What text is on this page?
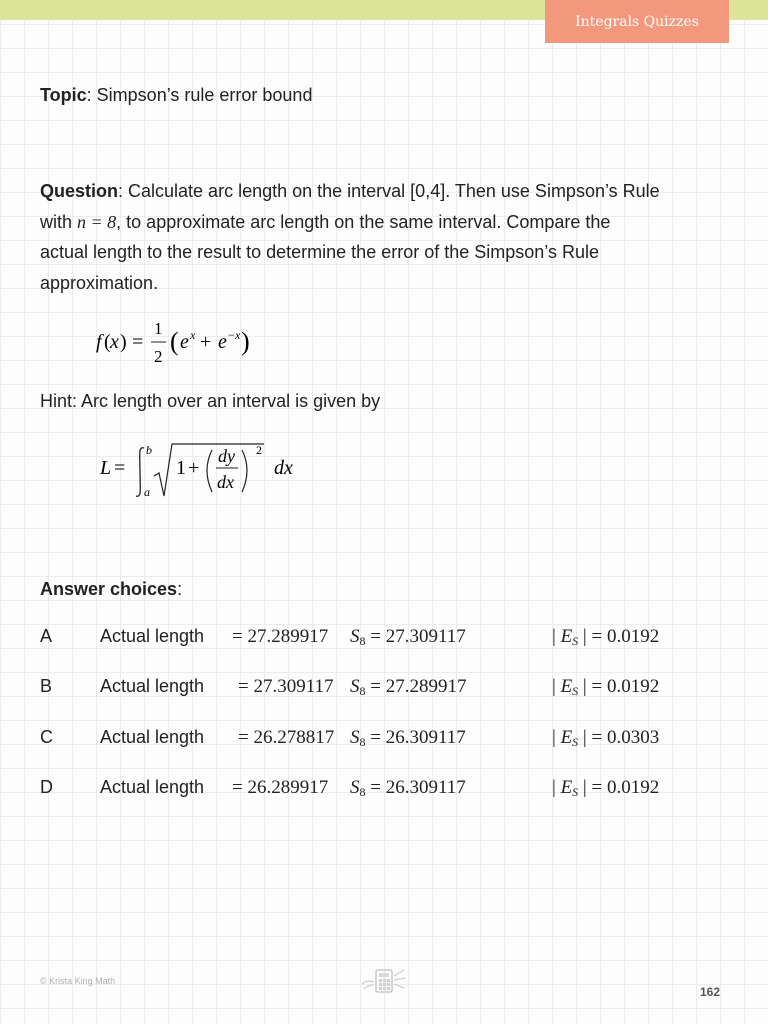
Integrals Quizzes
Topic: Simpson’s rule error bound
Question: Calculate arc length on the interval [0,4]. Then use Simpson’s Rule
with n = 8, to approximate arc length on the same interval. Compare the
actual length to the result to determine the error of the Simpson’s Rule
approximation.
f ( x ) =
1
2
( e x + e − x )
Hint: Arc length over an interval is given by
L =
b
a
1 +
dy
dx
2
dx
Answer choices:
A	Actual length = 27.289917 $S_8 = 27.309117$	| $E_S$ | = 0.0192
B	Actual length = 27.309117 $S_8 = 27.289917$	| $E_S$ | = 0.0192
C	Actual length = 26.278817 $S_8 = 26.309117$	| $E_S$ | = 0.0303
D	Actual length = 26.289917 $S_8 = 26.309117$	| $E_S$ | = 0.0192
© Krista King Math
162
